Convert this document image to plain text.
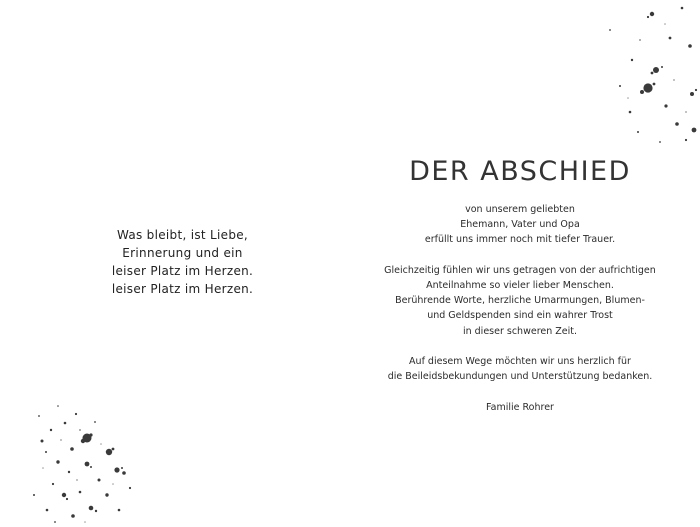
Was bleibt, ist Liebe,
Erinnerung und ein
leiser Platz im Herzen.
leiser Platz im Herzen.
DER ABSCHIED
von unserem geliebten
Ehemann, Vater und Opa
erfüllt uns immer noch mit tiefer Trauer.
Gleichzeitig fühlen wir uns getragen von der aufrichtigen
Anteilnahme so vieler lieber Menschen.
Berührende Worte, herzliche Umarmungen, Blumen-
und Geldspenden sind ein wahrer Trost
in dieser schweren Zeit.
Auf diesem Wege möchten wir uns herzlich für
die Beileidsbekundungen und Unterstützung bedanken.
Familie Rohrer
